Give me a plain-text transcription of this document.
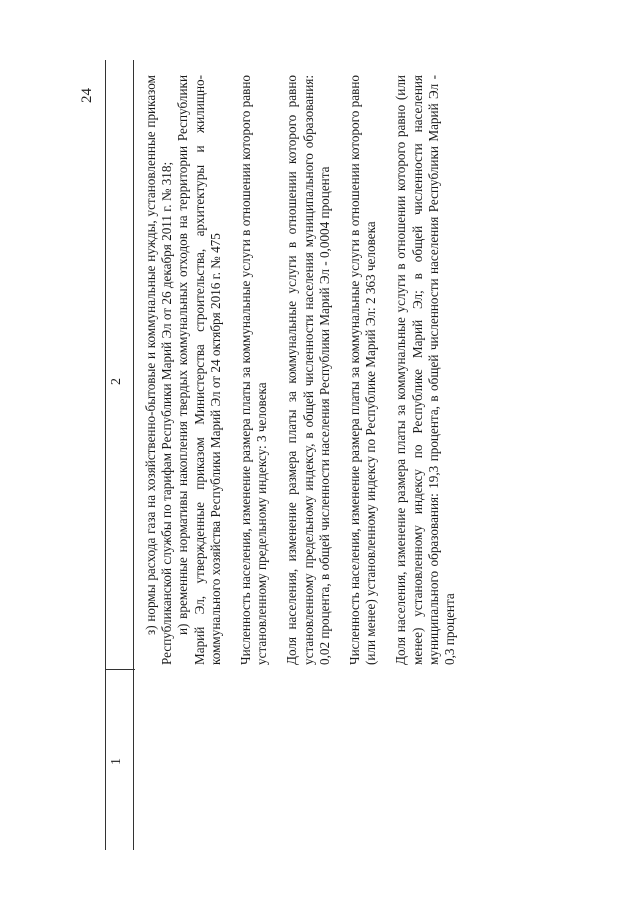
24
1
2 з) нормы расхода газа на хозяйственно-бытовые и коммунальные нужды, установленные приказом Республиканской службы по тарифам Республики Марий Эл от 26 декабря 2011 г. № 318; и) временные нормативы накопления твердых коммунальных отходов на территории Республики Марий Эл, утвержденные приказом Министерства строительства, архитектуры и жилищно-коммунального хозяйства Республики Марий Эл от 24 октября 2016 г. № 475 Численность населения, изменение размера платы за коммунальные услуги в отношении которого равно установленному предельному индексу: 3 человека Доля населения, изменение размера платы за коммунальные услуги в отношении которого равно установленному предельному индексу, в общей численности населения муниципального образования: 0,02 процента, в общей численности населения Республики Марий Эл - 0,0004 процента Численность населения, изменение размера платы за коммунальные услуги в отношении которого равно (или менее) установленному индексу по Республике Марий Эл: 2 363 человека Доля населения, изменение размера платы за коммунальные услуги в отношении которого равно (или менее) установленному индексу по Республике Марий Эл; в общей численности населения муниципального образования: 19,3 процента, в общей численности населения Республики Марий Эл - 0,3 процента
